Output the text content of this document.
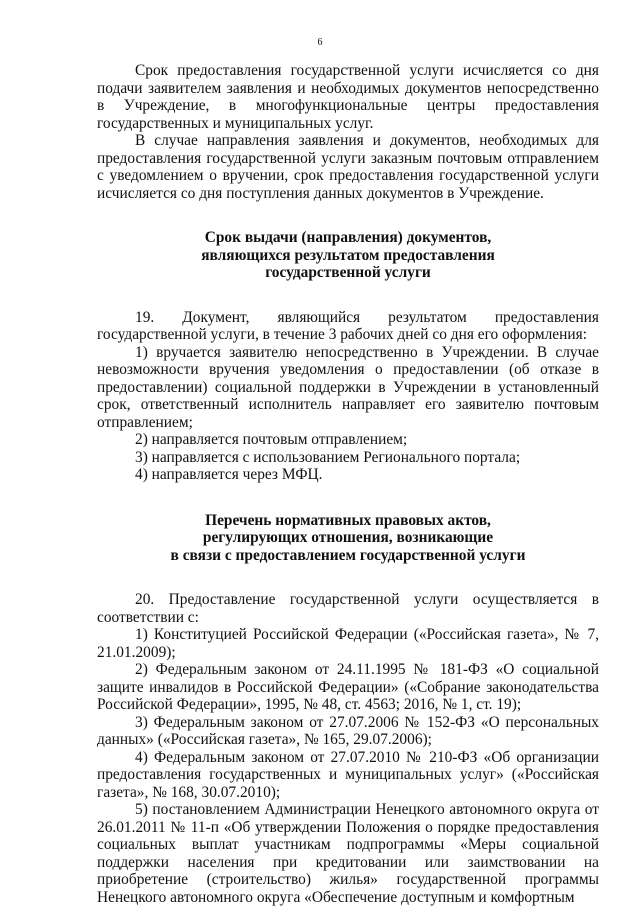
6

Срок предоставления государственной услуги исчисляется со дня подачи заявителем заявления и необходимых документов непосредственно в Учреждение, в многофункциональные центры предоставления государственных и муниципальных услуг.

В случае направления заявления и документов, необходимых для предоставления государственной услуги заказным почтовым отправлением с уведомлением о вручении, срок предоставления государственной услуги исчисляется со дня поступления данных документов в Учреждение.

Срок выдачи (направления) документов,
являющихся результатом предоставления
государственной услуги

19. Документ, являющийся результатом предоставления государственной услуги, в течение 3 рабочих дней со дня его оформления:

1) вручается заявителю непосредственно в Учреждении. В случае невозможности вручения уведомления о предоставлении (об отказе в предоставлении) социальной поддержки в Учреждении в установленный срок, ответственный исполнитель направляет его заявителю почтовым отправлением;

2) направляется почтовым отправлением;

3) направляется с использованием Регионального портала;

4) направляется через МФЦ.

Перечень нормативных правовых актов,
регулирующих отношения, возникающие
в связи с предоставлением государственной услуги

20. Предоставление государственной услуги осуществляется в соответствии с:

1) Конституцией Российской Федерации («Российская газета», № 7, 21.01.2009);

2) Федеральным законом от 24.11.1995 № 181-ФЗ «О социальной защите инвалидов в Российской Федерации» («Собрание законодательства Российской Федерации», 1995, № 48, ст. 4563; 2016, № 1, ст. 19);

3) Федеральным законом от 27.07.2006 № 152-ФЗ «О персональных данных» («Российская газета», № 165, 29.07.2006);

4) Федеральным законом от 27.07.2010 № 210-ФЗ «Об организации предоставления государственных и муниципальных услуг» («Российская газета», № 168, 30.07.2010);

5) постановлением Администрации Ненецкого автономного округа от 26.01.2011 № 11-п «Об утверждении Положения о порядке предоставления социальных выплат участникам подпрограммы «Меры социальной поддержки населения при кредитовании или заимствовании на приобретение (строительство) жилья» государственной программы Ненецкого автономного округа «Обеспечение доступным и комфортным
